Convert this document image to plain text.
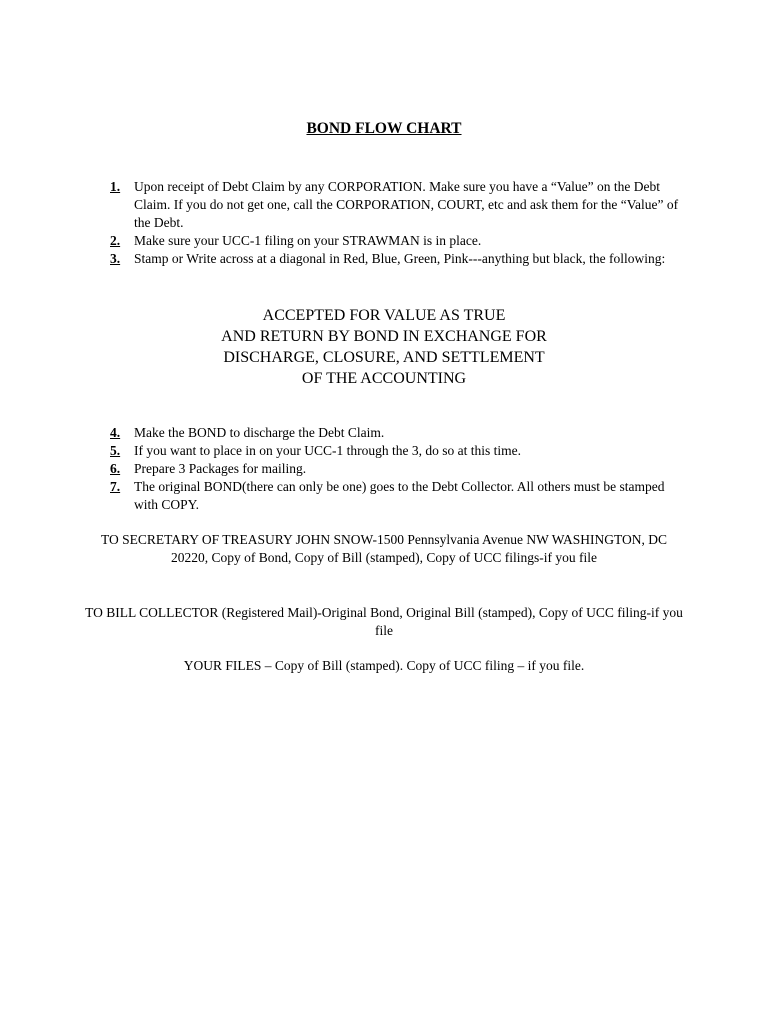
BOND FLOW CHART
1.	Upon receipt of Debt Claim by any CORPORATION. Make sure you have a “Value” on the Debt Claim. If you do not get one, call the CORPORATION, COURT, etc and ask them for the “Value” of the Debt.
2.	Make sure your UCC-1 filing on your STRAWMAN is in place.
3.	Stamp or Write across at a diagonal in Red, Blue, Green, Pink---anything but black, the following:
ACCEPTED FOR VALUE AS TRUE
AND RETURN BY BOND IN EXCHANGE FOR
DISCHARGE, CLOSURE, AND SETTLEMENT
OF THE ACCOUNTING
4.	Make the BOND to discharge the Debt Claim.
5.	If you want to place in on your UCC-1 through the 3, do so at this time.
6.	Prepare 3 Packages for mailing.
7.	The original BOND(there can only be one) goes to the Debt Collector. All others must be stamped with COPY.
TO SECRETARY OF TREASURY JOHN SNOW-1500 Pennsylvania Avenue NW WASHINGTON, DC 20220, Copy of Bond, Copy of Bill (stamped), Copy of UCC filings-if you file
TO BILL COLLECTOR (Registered Mail)-Original Bond, Original Bill (stamped), Copy of UCC filing-if you file
YOUR FILES – Copy of Bill (stamped). Copy of UCC filing – if you file.
